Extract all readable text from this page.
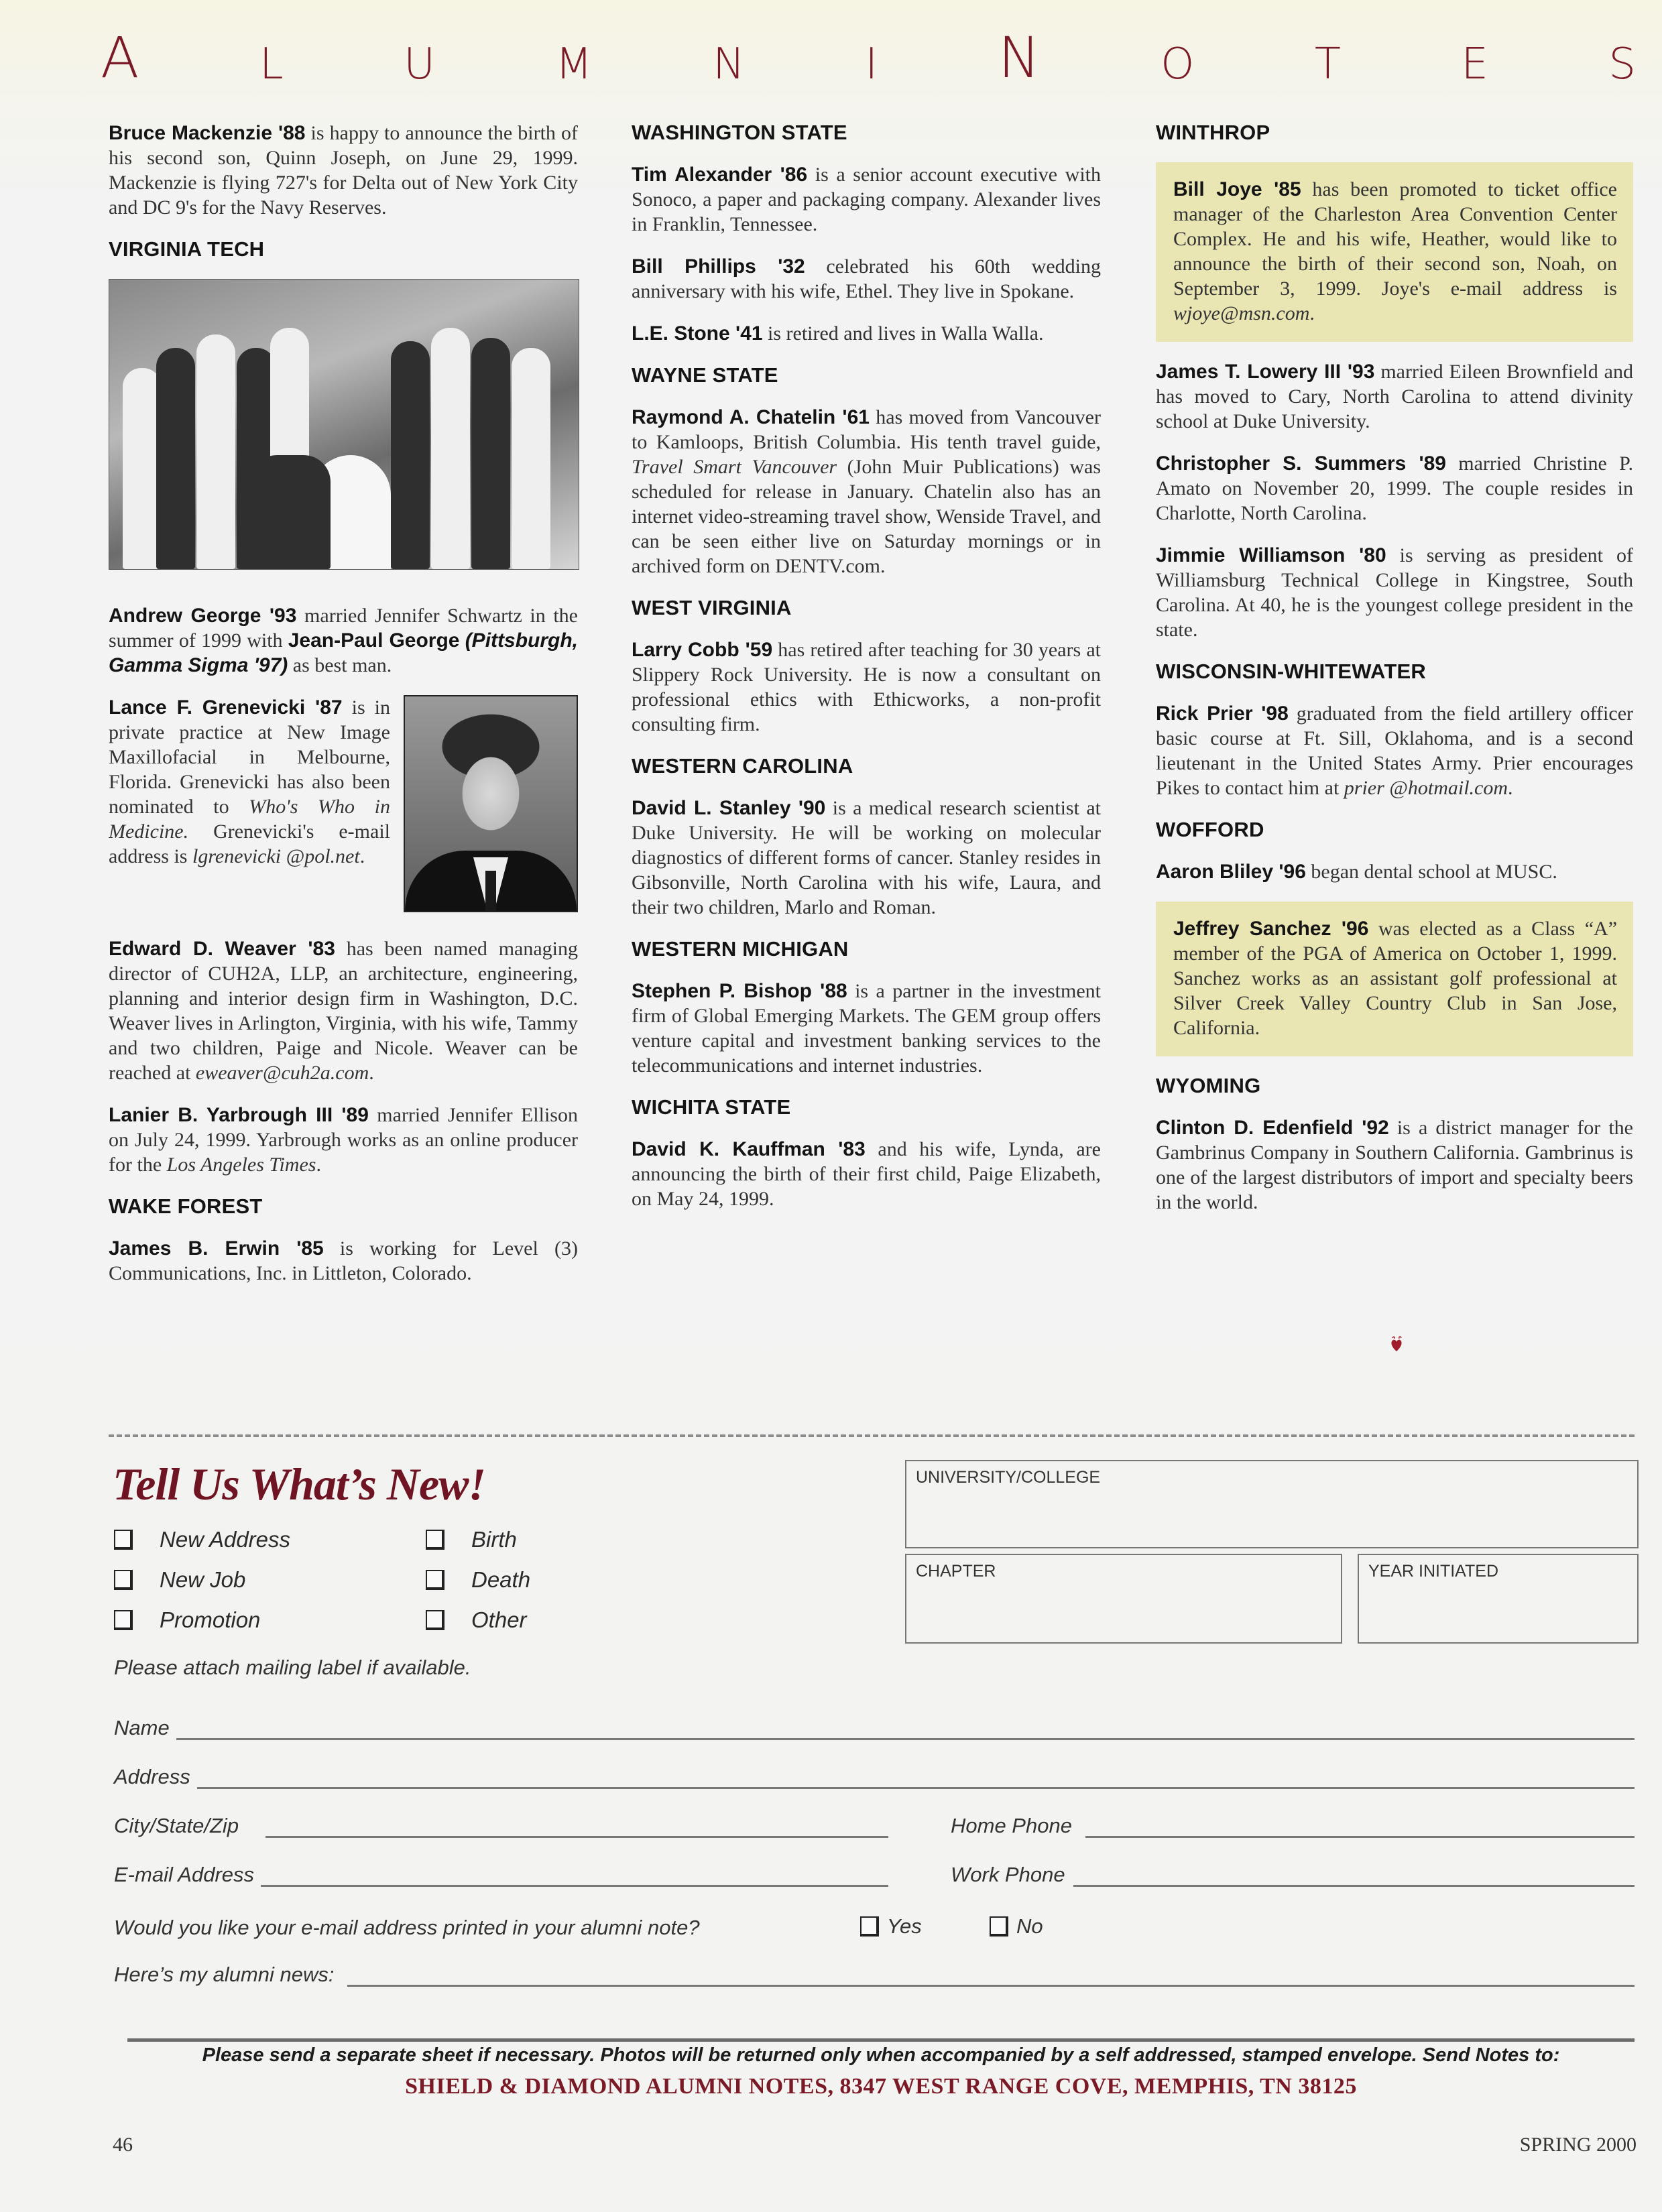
A	L	U	M	N	I N	O	T	E	S

Bruce Mackenzie '88 is happy to announce the birth of his second son, Quinn Joseph, on June 29, 1999. Mackenzie is flying 727's for Delta out of New York City and DC 9's for the Navy Reserves.

VIRGINIA TECH

Andrew George '93 married Jennifer Schwartz in the summer of 1999 with Jean-Paul George (Pittsburgh, Gamma Sigma '97) as best man.

Lance F. Grenevicki '87 is in private practice at New Image Maxillofacial in Melbourne, Florida. Grenevicki has also been nominated to Who's Who in Medicine. Grenevicki's e-mail address is lgrenevicki @pol.net.

Edward D. Weaver '83 has been named managing director of CUH2A, LLP, an architecture, engineering, planning and interior design firm in Washington, D.C. Weaver lives in Arlington, Virginia, with his wife, Tammy and two children, Paige and Nicole. Weaver can be reached at eweaver@cuh2a.com.

Lanier B. Yarbrough III '89 married Jennifer Ellison on July 24, 1999. Yarbrough works as an online producer for the Los Angeles Times.

WAKE FOREST

James B. Erwin '85 is working for Level (3) Communications, Inc. in Littleton, Colorado.

WASHINGTON STATE

Tim Alexander '86 is a senior account executive with Sonoco, a paper and packaging company. Alexander lives in Franklin, Tennessee.

Bill Phillips '32 celebrated his 60th wedding anniversary with his wife, Ethel. They live in Spokane.

L.E. Stone '41 is retired and lives in Walla Walla.

WAYNE STATE

Raymond A. Chatelin '61 has moved from Vancouver to Kamloops, British Columbia. His tenth travel guide, Travel Smart Vancouver (John Muir Publications) was scheduled for release in January. Chatelin also has an internet video-streaming travel show, Wenside Travel, and can be seen either live on Saturday mornings or in archived form on DENTV.com.

WEST VIRGINIA

Larry Cobb '59 has retired after teaching for 30 years at Slippery Rock University. He is now a consultant on professional ethics with Ethicworks, a non-profit consulting firm.

WESTERN CAROLINA

David L. Stanley '90 is a medical research scientist at Duke University. He will be working on molecular diagnostics of different forms of cancer. Stanley resides in Gibsonville, North Carolina with his wife, Laura, and their two children, Marlo and Roman.

WESTERN MICHIGAN

Stephen P. Bishop '88 is a partner in the investment firm of Global Emerging Markets. The GEM group offers venture capital and investment banking services to the telecommunications and internet industries.

WICHITA STATE

David K. Kauffman '83 and his wife, Lynda, are announcing the birth of their first child, Paige Elizabeth, on May 24, 1999.

WINTHROP

Bill Joye '85 has been promoted to ticket office manager of the Charleston Area Convention Center Complex. He and his wife, Heather, would like to announce the birth of their second son, Noah, on September 3, 1999. Joye's e-mail address is wjoye@msn.com.

James T. Lowery III '93 married Eileen Brownfield and has moved to Cary, North Carolina to attend divinity school at Duke University.

Christopher S. Summers '89 married Christine P. Amato on November 20, 1999. The couple resides in Charlotte, North Carolina.

Jimmie Williamson '80 is serving as president of Williamsburg Technical College in Kingstree, South Carolina. At 40, he is the youngest college president in the state.

WISCONSIN-WHITEWATER

Rick Prier '98 graduated from the field artillery officer basic course at Ft. Sill, Oklahoma, and is a second lieutenant in the United States Army. Prier encourages Pikes to contact him at prier @hotmail.com.

WOFFORD

Aaron Bliley '96 began dental school at MUSC.

Jeffrey Sanchez '96 was elected as a Class “A” member of the PGA of America on October 1, 1999. Sanchez works as an assistant golf professional at Silver Creek Valley Country Club in San Jose, California.

WYOMING

Clinton D. Edenfield '92 is a district manager for the Gambrinus Company in Southern California. Gambrinus is one of the largest distributors of import and specialty beers in the world.

Tell Us What’s New!
New Address
New Job
Promotion
Birth
Death
Other
Please attach mailing label if available.
UNIVERSITY/COLLEGE
CHAPTER	YEAR INITIATED
Name
Address
City/State/Zip	Home Phone
E-mail Address	Work Phone
Would you like your e-mail address printed in your alumni note?	Yes	No
Here’s my alumni news:
Please send a separate sheet if necessary. Photos will be returned only when accompanied by a self addressed, stamped envelope. Send Notes to:
SHIELD & DIAMOND ALUMNI NOTES, 8347 WEST RANGE COVE, MEMPHIS, TN 38125
46	SPRING 2000
